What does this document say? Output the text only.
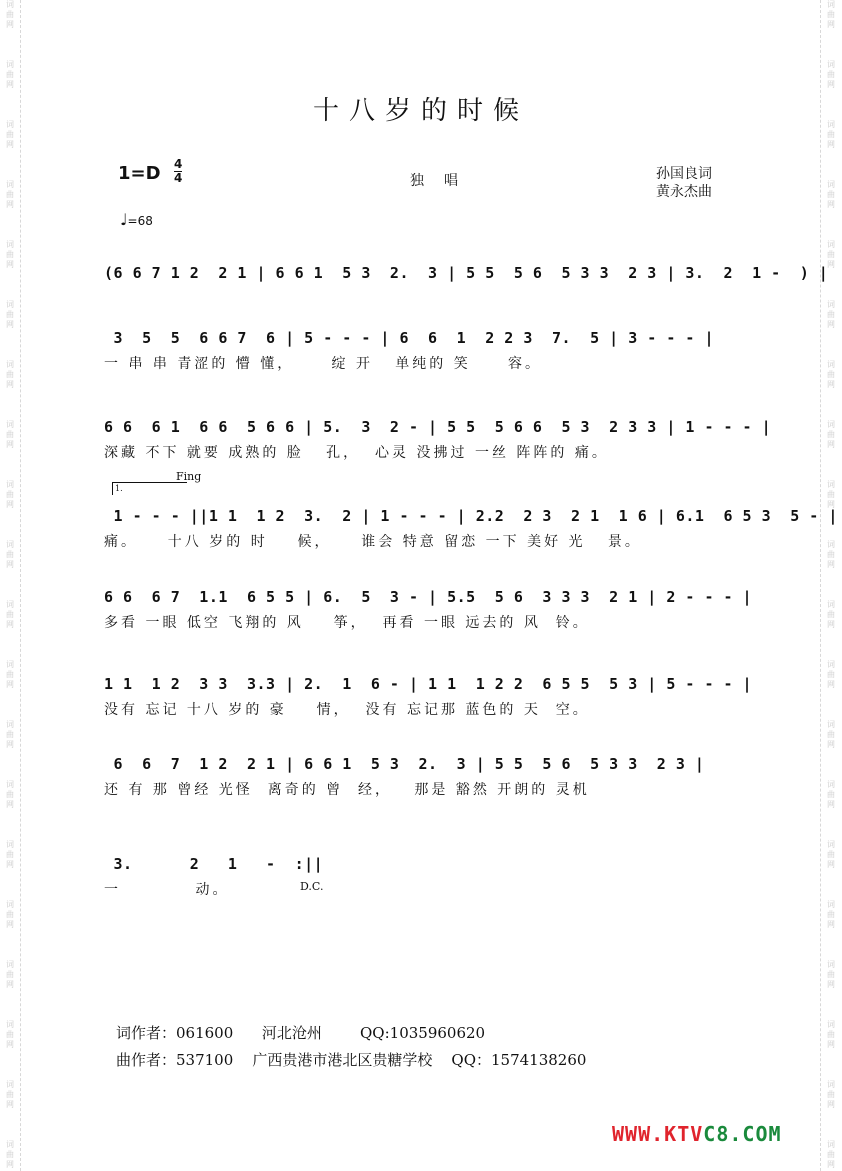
词曲网
词曲网
词曲网
词曲网
词曲网
词曲网
词曲网
词曲网
词曲网
词曲网
词曲网
词曲网
词曲网
词曲网
词曲网
词曲网
词曲网
词曲网
词曲网
词曲网
词曲网
词曲网
词曲网
词曲网
词曲网
词曲网
词曲网
词曲网
词曲网
词曲网
词曲网
词曲网
词曲网
词曲网
词曲网
词曲网
词曲网
词曲网
词曲网
词曲网
十八岁的时候
1=D 4
4	独唱	孙国良词
黄永杰曲
♩=68
1.
Fing
D.C.
(6 6 7 1 2  2 1 | 6 6 1  5 3  2.  3 | 5 5  5 6  5 3 3  2 3 | 3.  2  1 -  ) |
3  5  5  6 6 7  6 | 5 - - - | 6  6  1  2 2 3  7.  5 | 3 - - - |
一 串 串 青涩的 懵 懂，     绽 开   单纯的 笑     容。
6 6  6 1  6 6  5 6 6 | 5.  3  2 - | 5 5  5 6 6  5 3  2 3 3 | 1 - - - |
深藏 不下 就要 成熟的 脸   孔，  心灵 没拂过 一丝 阵阵的 痛。
1 - - - ||1 1  1 2  3.  2 | 1 - - - | 2.2  2 3  2 1  1 6 | 6.1  6 5 3  5 - |
痛。    十八 岁的 时    候，    谁会 特意 留恋 一下 美好 光   景。
6 6  6 7  1.1  6 5 5 | 6.  5  3 - | 5.5  5 6  3 3 3  2 1 | 2 - - - |
多看 一眼 低空 飞翔的 风    筝，  再看 一眼 远去的 风  铃。
1 1  1 2  3 3  3.3 | 2.  1  6 - | 1 1  1 2 2  6 5 5  5 3 | 5 - - - |
没有 忘记 十八 岁的 豪    情，  没有 忘记那 蓝色的 天  空。
6  6  7  1 2  2 1 | 6 6 1  5 3  2.  3 | 5 5  5 6  5 3 3  2 3 |
还 有 那 曾经 光怪  离奇的 曾  经，   那是 豁然 开朗的 灵机
3.      2   1   -  :||
一          动。
词作者：061600      河北沧州        QQ:1035960620
曲作者：537100    广西贵港市港北区贵糖学校    QQ：1574138260
WWW.KTVC8.COM
